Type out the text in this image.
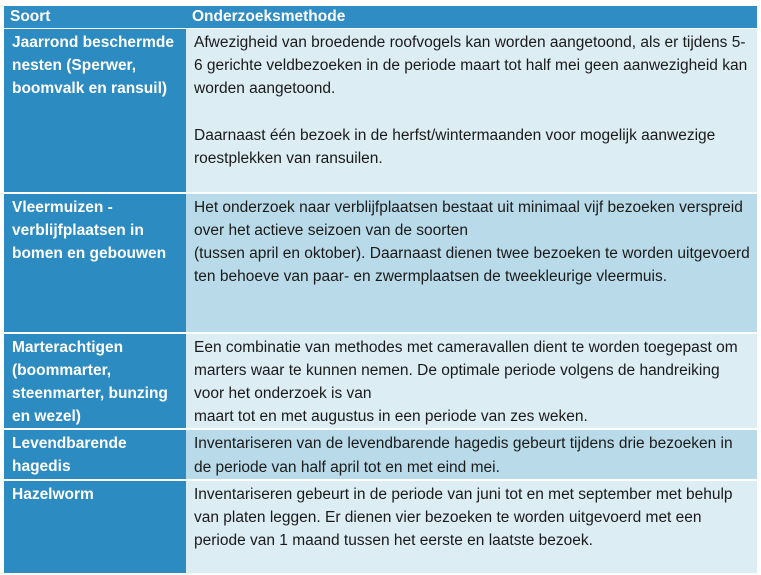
Soort	Onderzoeksmethode
Jaarrond beschermde nesten (Sperwer, boomvalk en ransuil)	Afwezigheid van broedende roofvogels kan worden aangetoond, als er tijdens 5-6 gerichte veldbezoeken in de periode maart tot half mei geen aanwezigheid kan worden aangetoond.

Daarnaast één bezoek in de herfst/wintermaanden voor mogelijk aanwezige roestplekken van ransuilen.

Vleermuizen - verblijfplaatsen in bomen en gebouwen	Het onderzoek naar verblijfplaatsen bestaat uit minimaal vijf bezoeken verspreid over het actieve seizoen van de soorten

(tussen april en oktober). Daarnaast dienen twee bezoeken te worden uitgevoerd ten behoeve van paar- en zwermplaatsen de tweekleurige vleermuis.

Marterachtigen (boommarter, steenmarter, bunzing en wezel)	Een combinatie van methodes met cameravallen dient te worden toegepast om marters waar te kunnen nemen. De optimale periode volgens de handreiking voor het onderzoek is van

maart tot en met augustus in een periode van zes weken.

Levendbarende hagedis	Inventariseren van de levendbarende hagedis gebeurt tijdens drie bezoeken in de periode van half april tot en met eind mei.

Hazelworm	Inventariseren gebeurt in de periode van juni tot en met september met behulp van platen leggen. Er dienen vier bezoeken te worden uitgevoerd met een periode van 1 maand tussen het eerste en laatste bezoek.
